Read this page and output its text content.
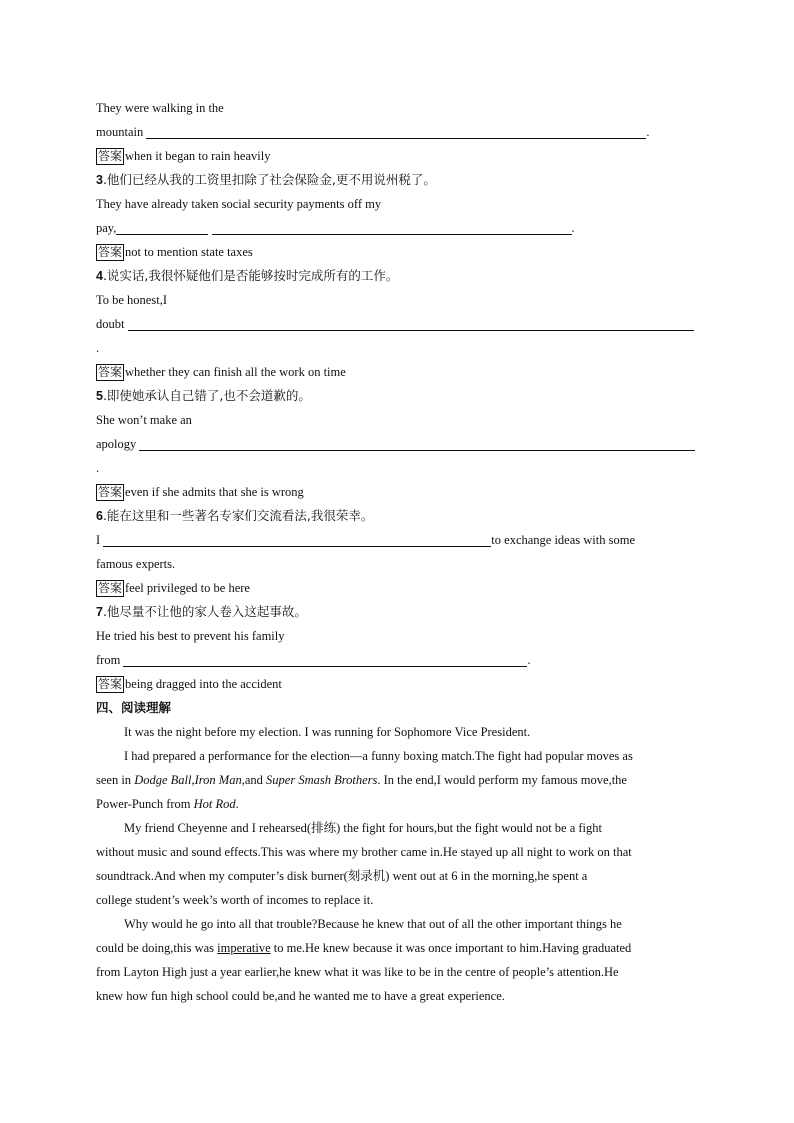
They were walking in the
mountain	.
答案 when it began to rain heavily
3.他们已经从我的工资里扣除了社会保险金,更不用说州税了。
They have already taken social security payments off my
pay,	.
答案 not to mention state taxes
4.说实话,我很怀疑他们是否能够按时完成所有的工作。
To be honest,I
doubt
.
答案 whether they can finish all the work on time
5.即使她承认自己错了,也不会道歉的。
She won’t make an
apology
.
答案 even if she admits that she is wrong
6.能在这里和一些著名专家们交流看法,我很荣幸。
I	to exchange ideas with some
famous experts.
答案 feel privileged to be here
7.他尽量不让他的家人卷入这起事故。
He tried his best to prevent his family
from	.
答案 being dragged into the accident
四、阅读理解
It was the night before my election. I was running for Sophomore Vice President.
I had prepared a performance for the election—a funny boxing match.The fight had popular moves as
seen in Dodge Ball,Iron Man,and Super Smash Brothers. In the end,I would perform my famous move,the
Power-Punch from Hot Rod.
My friend Cheyenne and I rehearsed(排练) the fight for hours,but the fight would not be a fight
without music and sound effects.This was where my brother came in.He stayed up all night to work on that
soundtrack.And when my computer’s disk burner(刻录机) went out at 6 in the morning,he spent a
college student’s week’s worth of incomes to replace it.
Why would he go into all that trouble?Because he knew that out of all the other important things he
could be doing,this was imperative to me.He knew because it was once important to him.Having graduated
from Layton High just a year earlier,he knew what it was like to be in the centre of people’s attention.He
knew how fun high school could be,and he wanted me to have a great experience.
